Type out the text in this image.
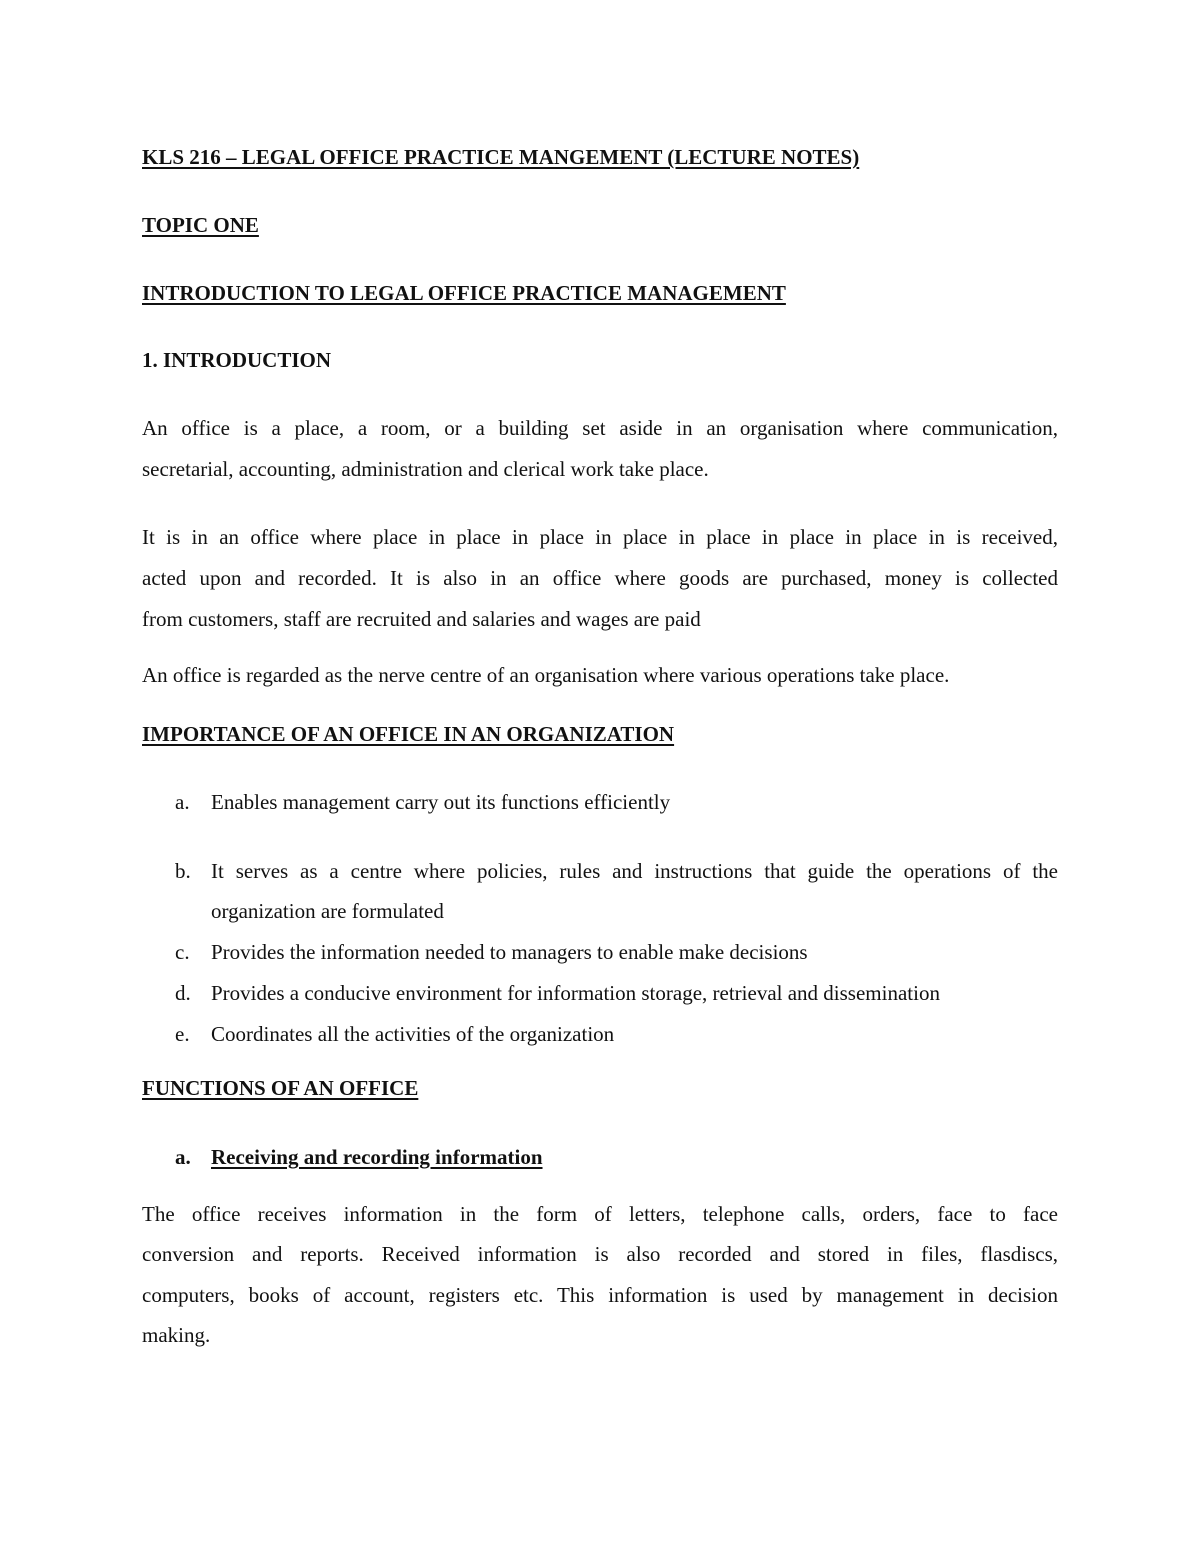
KLS 216 – LEGAL OFFICE PRACTICE MANGEMENT (LECTURE NOTES)
TOPIC ONE
INTRODUCTION TO LEGAL OFFICE PRACTICE MANAGEMENT
1. INTRODUCTION
An office is a place, a room, or a building set aside in an organisation where communication,
secretarial, accounting, administration and clerical work take place.
It is in an office where place in place in place in place in place in place in place in is received,
acted upon and recorded. It is also in an office where goods are purchased, money is collected
from customers, staff are recruited and salaries and wages are paid
An office is regarded as the nerve centre of an organisation where various operations take place.
IMPORTANCE OF AN OFFICE IN AN ORGANIZATION
a. Enables management carry out its functions efficiently
b. It serves as a centre where policies, rules and instructions that guide the operations of the
organization are formulated
c. Provides the information needed to managers to enable make decisions
d. Provides a conducive environment for information storage, retrieval and dissemination
e. Coordinates all the activities of the organization
FUNCTIONS OF AN OFFICE
a. Receiving and recording information
The office receives information in the form of letters, telephone calls, orders, face to face
conversion and reports. Received information is also recorded and stored in files, flasdiscs,
computers, books of account, registers etc. This information is used by management in decision
making.
